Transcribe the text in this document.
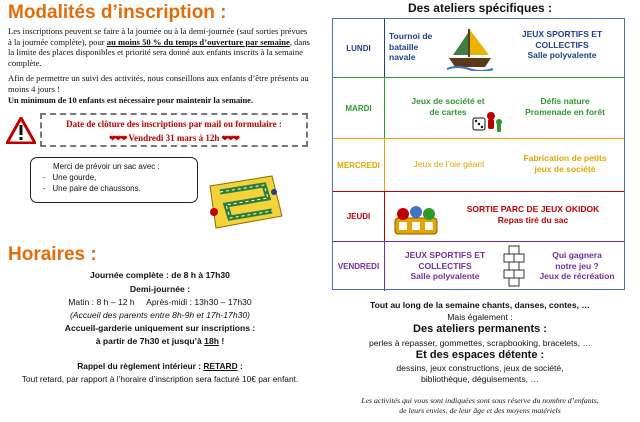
Modalités d’inscription :
Les inscriptions peuvent se faire à la journée ou à la demi-journée (sauf sorties prévues à la journée complète), pour au moins 50 % du temps d’ouverture par semaine, dans la limite des places disponibles et priorité sera donné aux enfants inscrits à la semaine complète.
Afin de permettre un suivi des activités, nous conseillons aux enfants d’être présents au moins 4 jours !
Un minimum de 10 enfants est nécessaire pour maintenir la semaine.
Date de clôture des inscriptions par mail ou formulaire :
❤❤❤ Vendredi 31 mars à 12h ❤❤❤
Merci de prévoir un sac avec :
-   Une gourde,
-   Une paire de chaussons.
Horaires :
Journée complète : de 8 h à 17h30
Demi-journée :
Matin : 8 h – 12 h     Après-midi : 13h30 – 17h30
(Accueil des parents entre 8h-9h et 17h-17h30)
Accueil-garderie uniquement sur inscriptions :
à partir de 7h30 et jusqu’à 18h !
Rappel du règlement intérieur : RETARD :
Tout retard, par rapport à l’horaire d’inscription sera facturé 10€ par enfant.
Des ateliers spécifiques :
LUNDI
Tournoi de
bataille
navale
JEUX SPORTIFS ET
COLLECTIFS
Salle polyvalente
MARDI
Jeux de société et
de cartes
Défis nature
Promenade en forêt
MERCREDI	Jeux de l’oie géant
Fabrication de petits
jeux de société
JEUDI
SORTIE PARC DE JEUX OKIDOK
Repas tiré du sac
VENDREDI
JEUX SPORTIFS ET
COLLECTIFS
Salle polyvalente
Qui gagnera
notre jeu ?
Jeux de récréation
Tout au long de la semaine chants, danses, contes, …
Mais également :
Des ateliers permanents :
perles à repasser, gommettes, scrapbooking, bracelets, …
Et des espaces détente :
dessins, jeux constructions, jeux de société,
bibliothèque, déguisements, …
Les activités qui vous sont indiquées sont sous réserve du nombre d’enfants,
de leurs envies, de leur âge et des moyens matériels
